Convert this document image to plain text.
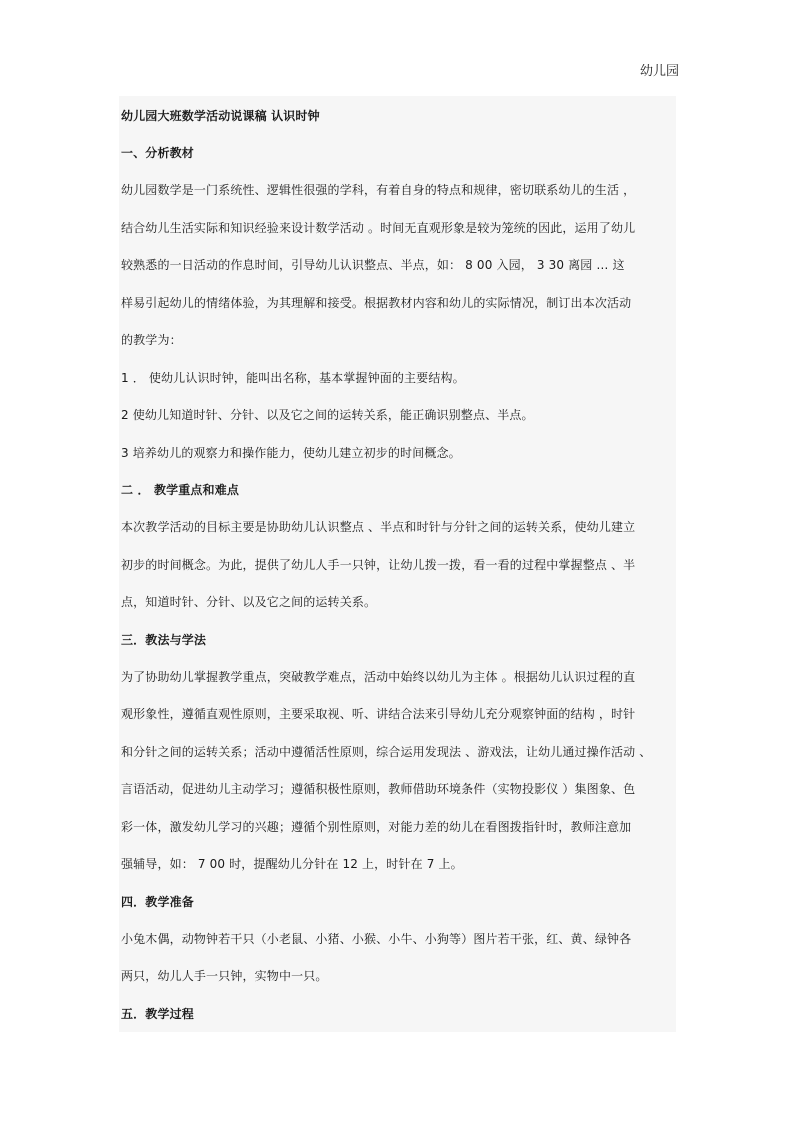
幼儿园
幼儿园大班数学活动说课稿 认识时钟
一、分析教材
幼儿园数学是一门系统性、逻辑性很强的学科，有着自身的特点和规律，密切联系幼儿的生活 ，
结合幼儿生活实际和知识经验来设计数学活动 。时间无直观形象是较为笼统的因此，运用了幼儿
较熟悉的一日活动的作息时间，引导幼儿认识整点、半点，如： 8 00 入园， 3 30 离园 … 这
样易引起幼儿的情绪体验，为其理解和接受。根据教材内容和幼儿的实际情况，制订出本次活动
的教学为：
1 ． 使幼儿认识时钟，能叫出名称，基本掌握钟面的主要结构。
2 使幼儿知道时针、分针、以及它之间的运转关系，能正确识别整点、半点。
3 培养幼儿的观察力和操作能力，使幼儿建立初步的时间概念。
二 ． 教学重点和难点
本次教学活动的目标主要是协助幼儿认识整点 、半点和时针与分针之间的运转关系，使幼儿建立
初步的时间概念。为此，提供了幼儿人手一只钟，让幼儿拨一拨，看一看的过程中掌握整点 、半
点，知道时针、分针、以及它之间的运转关系。
三．教法与学法
为了协助幼儿掌握教学重点，突破教学难点，活动中始终以幼儿为主体 。根据幼儿认识过程的直
观形象性，遵循直观性原则，主要采取视、听、讲结合法来引导幼儿充分观察钟面的结构 ，时针
和分针之间的运转关系；活动中遵循活性原则，综合运用发现法 、游戏法，让幼儿通过操作活动 、
言语活动，促进幼儿主动学习；遵循积极性原则，教师借助环境条件（实物投影仪 ）集图象、色
彩一体，激发幼儿学习的兴趣；遵循个别性原则，对能力差的幼儿在看图拨指针时，教师注意加
强辅导，如： 7 00 时，提醒幼儿分针在 12 上，时针在 7 上。
四．教学准备
小兔木偶，动物钟若干只（小老鼠、小猪、小猴、小牛、小狗等）图片若干张，红、黄、绿钟各
两只，幼儿人手一只钟，实物中一只。
五．教学过程
